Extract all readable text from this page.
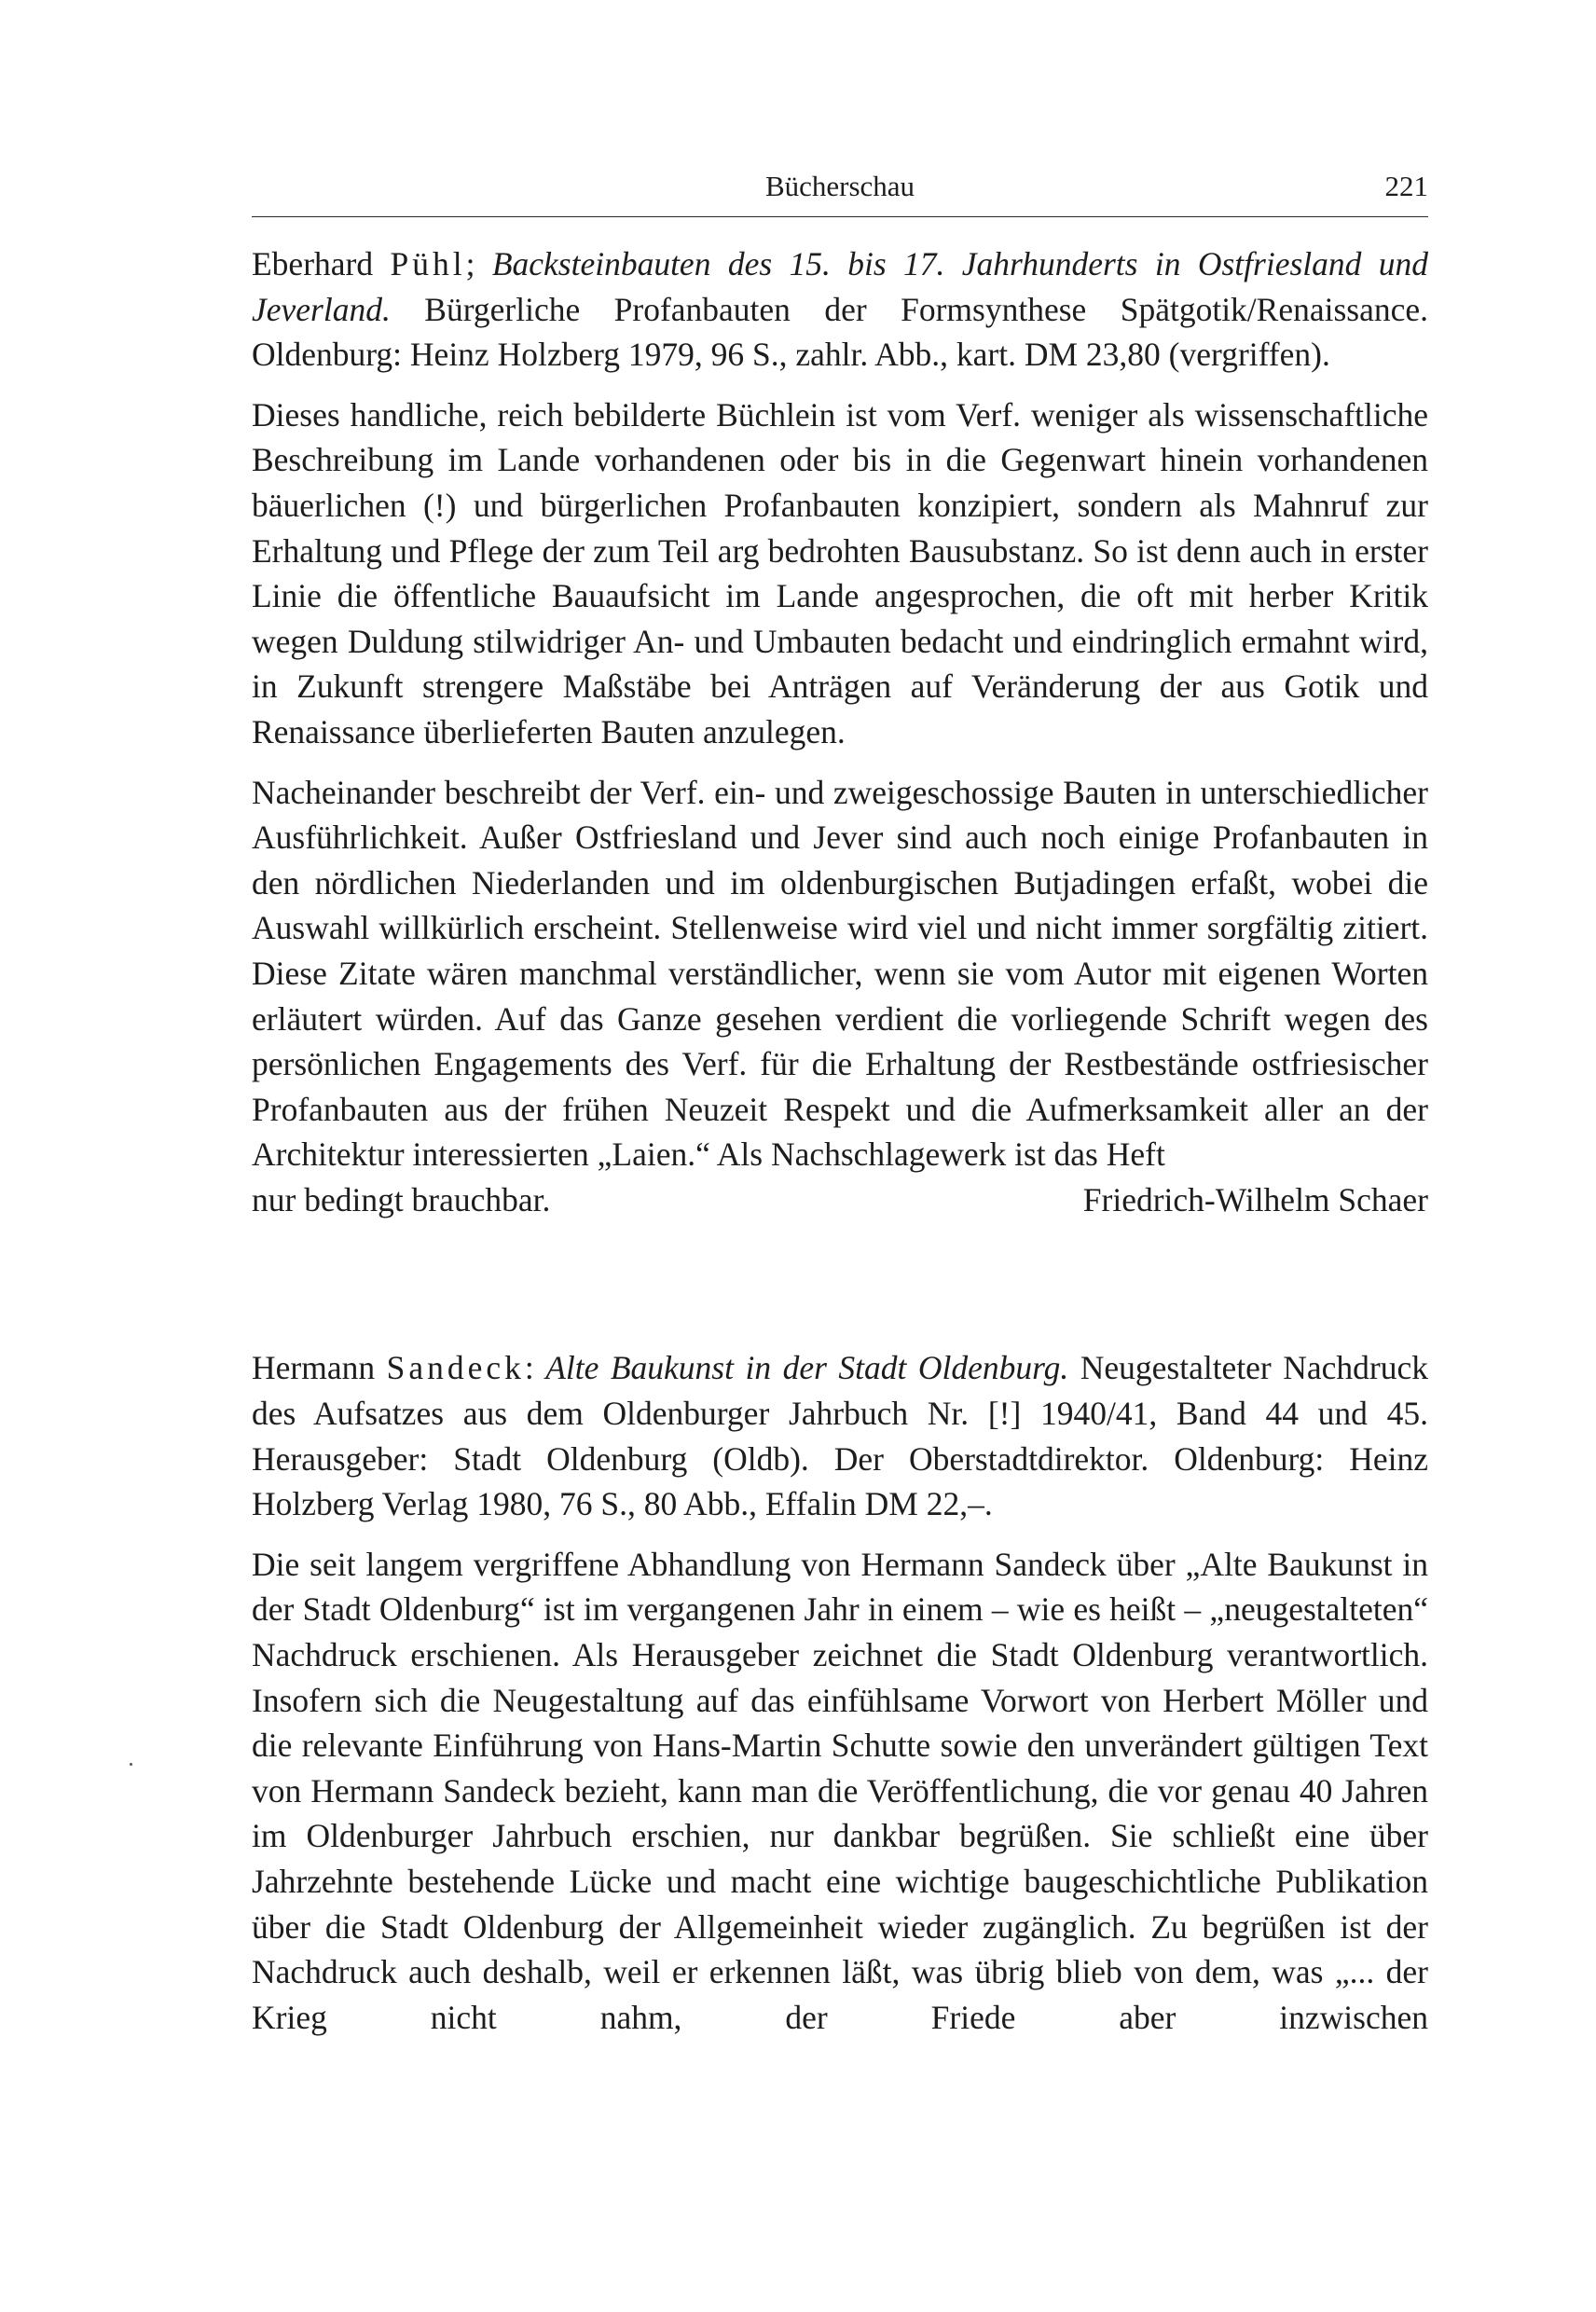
Bücherschau	221

Eberhard Pühl; Backsteinbauten des 15. bis 17. Jahrhunderts in Ostfriesland und Jeverland. Bürgerliche Profanbauten der Formsynthese Spätgotik/Renaissance. Oldenburg: Heinz Holzberg 1979, 96 S., zahlr. Abb., kart. DM 23,80 (vergriffen).

Dieses handliche, reich bebilderte Büchlein ist vom Verf. weniger als wissenschaftliche Beschreibung im Lande vorhandenen oder bis in die Gegenwart hinein vorhandenen bäuerlichen (!) und bürgerlichen Profanbauten konzipiert, sondern als Mahnruf zur Erhaltung und Pflege der zum Teil arg bedrohten Bausubstanz. So ist denn auch in erster Linie die öffentliche Bauaufsicht im Lande angesprochen, die oft mit herber Kritik wegen Duldung stilwidriger An- und Umbauten bedacht und eindringlich ermahnt wird, in Zukunft strengere Maßstäbe bei Anträgen auf Veränderung der aus Gotik und Renaissance überlieferten Bauten anzulegen.

Nacheinander beschreibt der Verf. ein- und zweigeschossige Bauten in unterschiedlicher Ausführlichkeit. Außer Ostfriesland und Jever sind auch noch einige Profanbauten in den nördlichen Niederlanden und im oldenburgischen Butjadingen erfaßt, wobei die Auswahl willkürlich erscheint. Stellenweise wird viel und nicht immer sorgfältig zitiert. Diese Zitate wären manchmal verständlicher, wenn sie vom Autor mit eigenen Worten erläutert würden. Auf das Ganze gesehen verdient die vorliegende Schrift wegen des persönlichen Engagements des Verf. für die Erhaltung der Restbestände ostfriesischer Profanbauten aus der frühen Neuzeit Respekt und die Aufmerksamkeit aller an der Architektur interessierten „Laien.“ Als Nachschlagewerk ist das Heft

nur bedingt brauchbar.	Friedrich-Wilhelm Schaer

Hermann Sandeck: Alte Baukunst in der Stadt Oldenburg. Neugestalteter Nachdruck des Aufsatzes aus dem Oldenburger Jahrbuch Nr. [!] 1940/41, Band 44 und 45. Herausgeber: Stadt Oldenburg (Oldb). Der Oberstadtdirektor. Oldenburg: Heinz Holzberg Verlag 1980, 76 S., 80 Abb., Effalin DM 22,–.

Die seit langem vergriffene Abhandlung von Hermann Sandeck über „Alte Baukunst in der Stadt Oldenburg“ ist im vergangenen Jahr in einem – wie es heißt – „neugestalteten“ Nachdruck erschienen. Als Herausgeber zeichnet die Stadt Oldenburg verantwortlich. Insofern sich die Neugestaltung auf das einfühlsame Vorwort von Herbert Möller und die relevante Einführung von Hans-Martin Schutte sowie den unverändert gültigen Text von Hermann Sandeck bezieht, kann man die Veröffentlichung, die vor genau 40 Jahren im Oldenburger Jahrbuch erschien, nur dankbar begrüßen. Sie schließt eine über Jahrzehnte bestehende Lücke und macht eine wichtige baugeschichtliche Publikation über die Stadt Oldenburg der Allgemeinheit wieder zugänglich. Zu begrüßen ist der Nachdruck auch deshalb, weil er erkennen läßt, was übrig blieb von dem, was „... der Krieg nicht nahm, der Friede aber inzwischen
